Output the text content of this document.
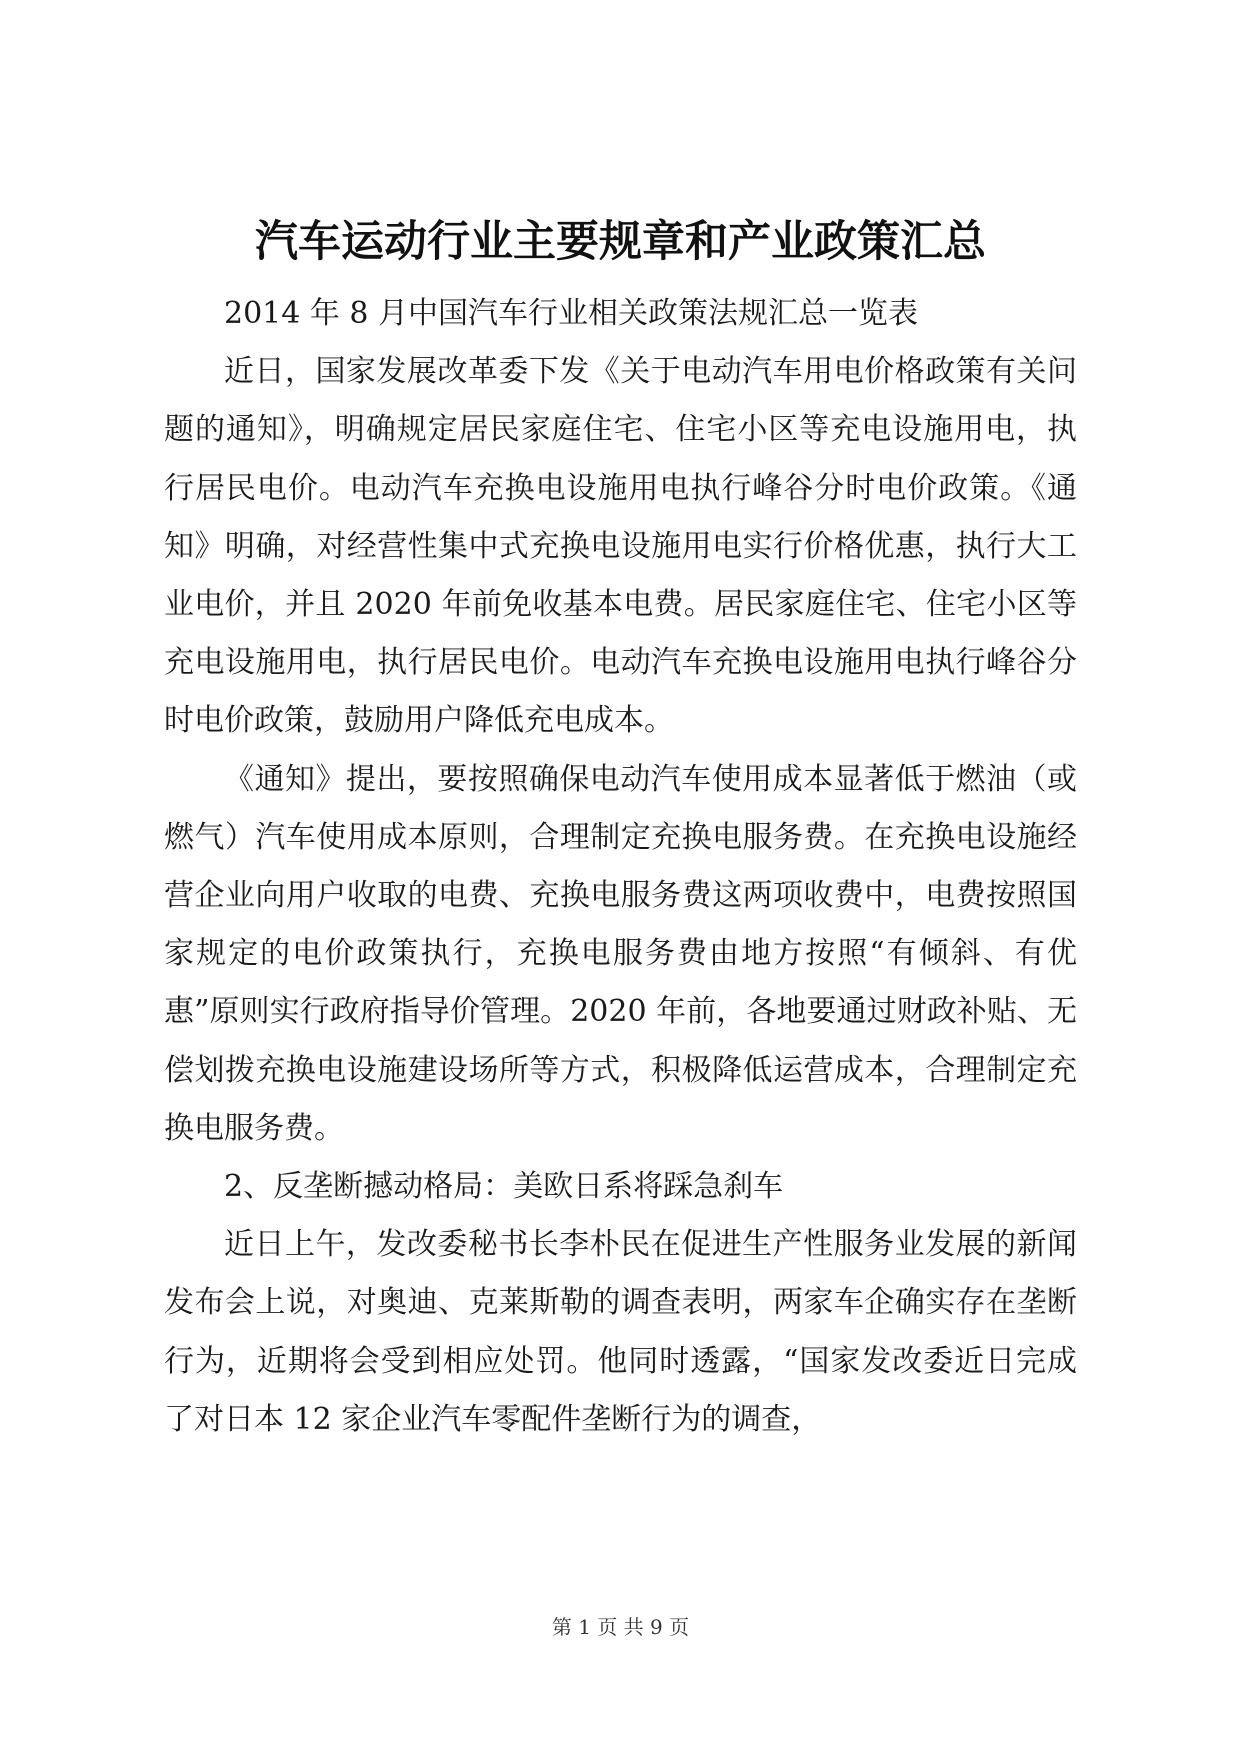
汽车运动行业主要规章和产业政策汇总

2014 年 8 月中国汽车行业相关政策法规汇总一览表

近日，国家发展改革委下发《关于电动汽车用电价格政策有关问题的通知》，明确规定居民家庭住宅、住宅小区等充电设施用电，执行居民电价。电动汽车充换电设施用电执行峰谷分时电价政策。《通知》明确，对经营性集中式充换电设施用电实行价格优惠，执行大工业电价，并且 2020 年前免收基本电费。居民家庭住宅、住宅小区等充电设施用电，执行居民电价。电动汽车充换电设施用电执行峰谷分时电价政策，鼓励用户降低充电成本。

《通知》提出，要按照确保电动汽车使用成本显著低于燃油（或燃气）汽车使用成本原则，合理制定充换电服务费。在充换电设施经营企业向用户收取的电费、充换电服务费这两项收费中，电费按照国家规定的电价政策执行，充换电服务费由地方按照“有倾斜、有优惠”原则实行政府指导价管理。2020 年前，各地要通过财政补贴、无偿划拨充换电设施建设场所等方式，积极降低运营成本，合理制定充换电服务费。

2、反垄断撼动格局：美欧日系将踩急刹车

近日上午，发改委秘书长李朴民在促进生产性服务业发展的新闻发布会上说，对奥迪、克莱斯勒的调查表明，两家车企确实存在垄断行为，近期将会受到相应处罚。他同时透露，“国家发改委近日完成了对日本 12 家企业汽车零配件垄断行为的调查，

第 1 页 共 9 页
